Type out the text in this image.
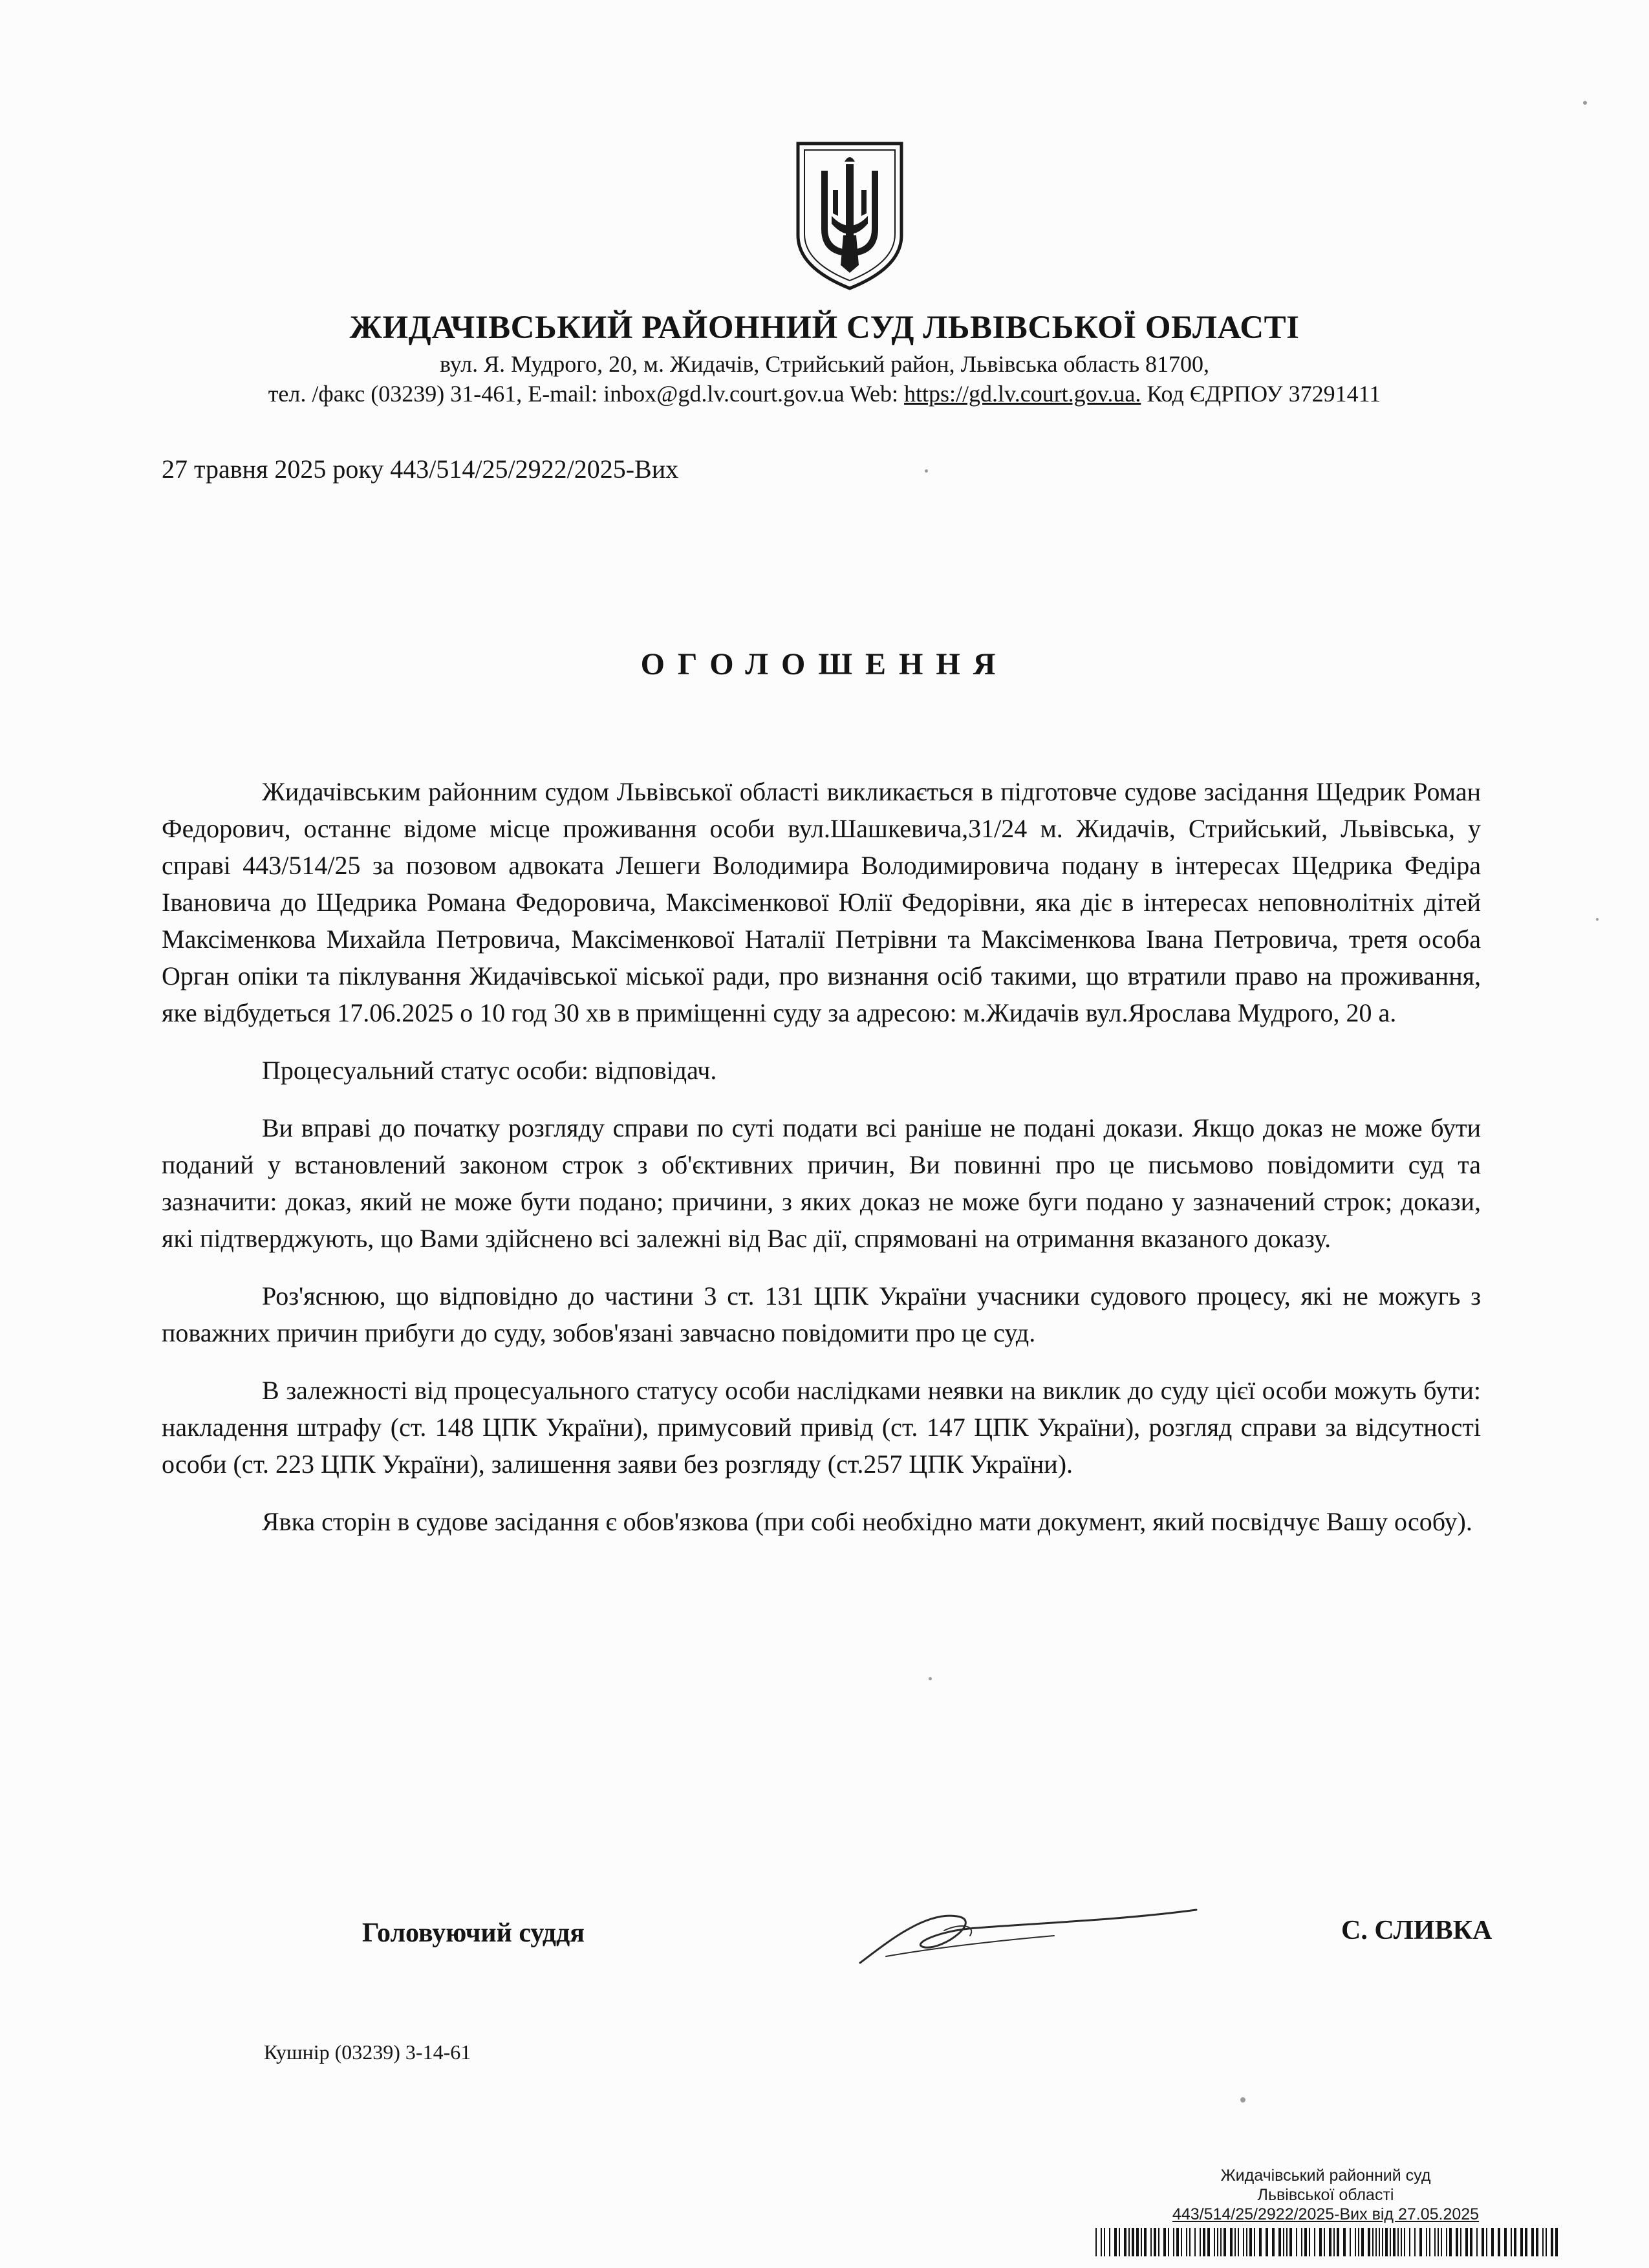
ЖИДАЧІВСЬКИЙ РАЙОННИЙ СУД ЛЬВІВСЬКОЇ ОБЛАСТІ
вул. Я. Мудрого, 20, м. Жидачів, Стрийський район, Львівська область 81700,
тел. /факс (03239) 31-461, E-mail: inbox@gd.lv.court.gov.ua Web: https://gd.lv.court.gov.ua. Код ЄДРПОУ 37291411
27 травня 2025 року 443/514/25/2922/2025-Вих
ОГОЛОШЕННЯ

Жидачівським районним судом Львівської області викликається в підготовче судове засідання Щедрик Роман Федорович, останнє відоме місце проживання особи вул.Шашкевича,31/24 м. Жидачів, Стрийський, Львівська, у справі 443/514/25 за позовом адвоката Лешеги Володимира Володимировича подану в інтересах Щедрика Федіра Івановича до Щедрика Романа Федоровича, Максіменкової Юлії Федорівни, яка діє в інтересах неповнолітніх дітей Максіменкова Михайла Петровича, Максіменкової Наталії Петрівни та Максіменкова Івана Петровича, третя особа Орган опіки та піклування Жидачівської міської ради, про визнання осіб такими, що втратили право на проживання, яке відбудеться 17.06.2025 о 10 год 30 хв в приміщенні суду за адресою: м.Жидачів вул.Ярослава Мудрого, 20 а.

Процесуальний статус особи: відповідач.

Ви вправі до початку розгляду справи по суті подати всі раніше не подані докази. Якщо доказ не може бути поданий у встановлений законом строк з об'єктивних причин, Ви повинні про це письмово повідомити суд та зазначити: доказ, який не може бути подано; причини, з яких доказ не може буги подано у зазначений строк; докази, які підтверджують, що Вами здійснено всі залежні від Вас дії, спрямовані на отримання вказаного доказу.

Роз'яснюю, що відповідно до частини 3 ст. 131 ЦПК України учасники судового процесу, які не можугь з поважних причин прибуги до суду, зобов'язані завчасно повідомити про це суд.

В залежності від процесуального статусу особи наслідками неявки на виклик до суду цієї особи можуть бути: накладення штрафу (ст. 148 ЦПК України), примусовий привід (ст. 147 ЦПК України), розгляд справи за відсутності особи (ст. 223 ЦПК України), залишення заяви без розгляду (ст.257 ЦПК України).

Явка сторін в судове засідання є обов'язкова (при собі необхідно мати документ, який посвідчує Вашу особу).

Головуючий суддя	С. СЛИВКА
Кушнір (03239) 3-14-61
Жидачівський районний суд
Львівської області
443/514/25/2922/2025-Вих від 27.05.2025
